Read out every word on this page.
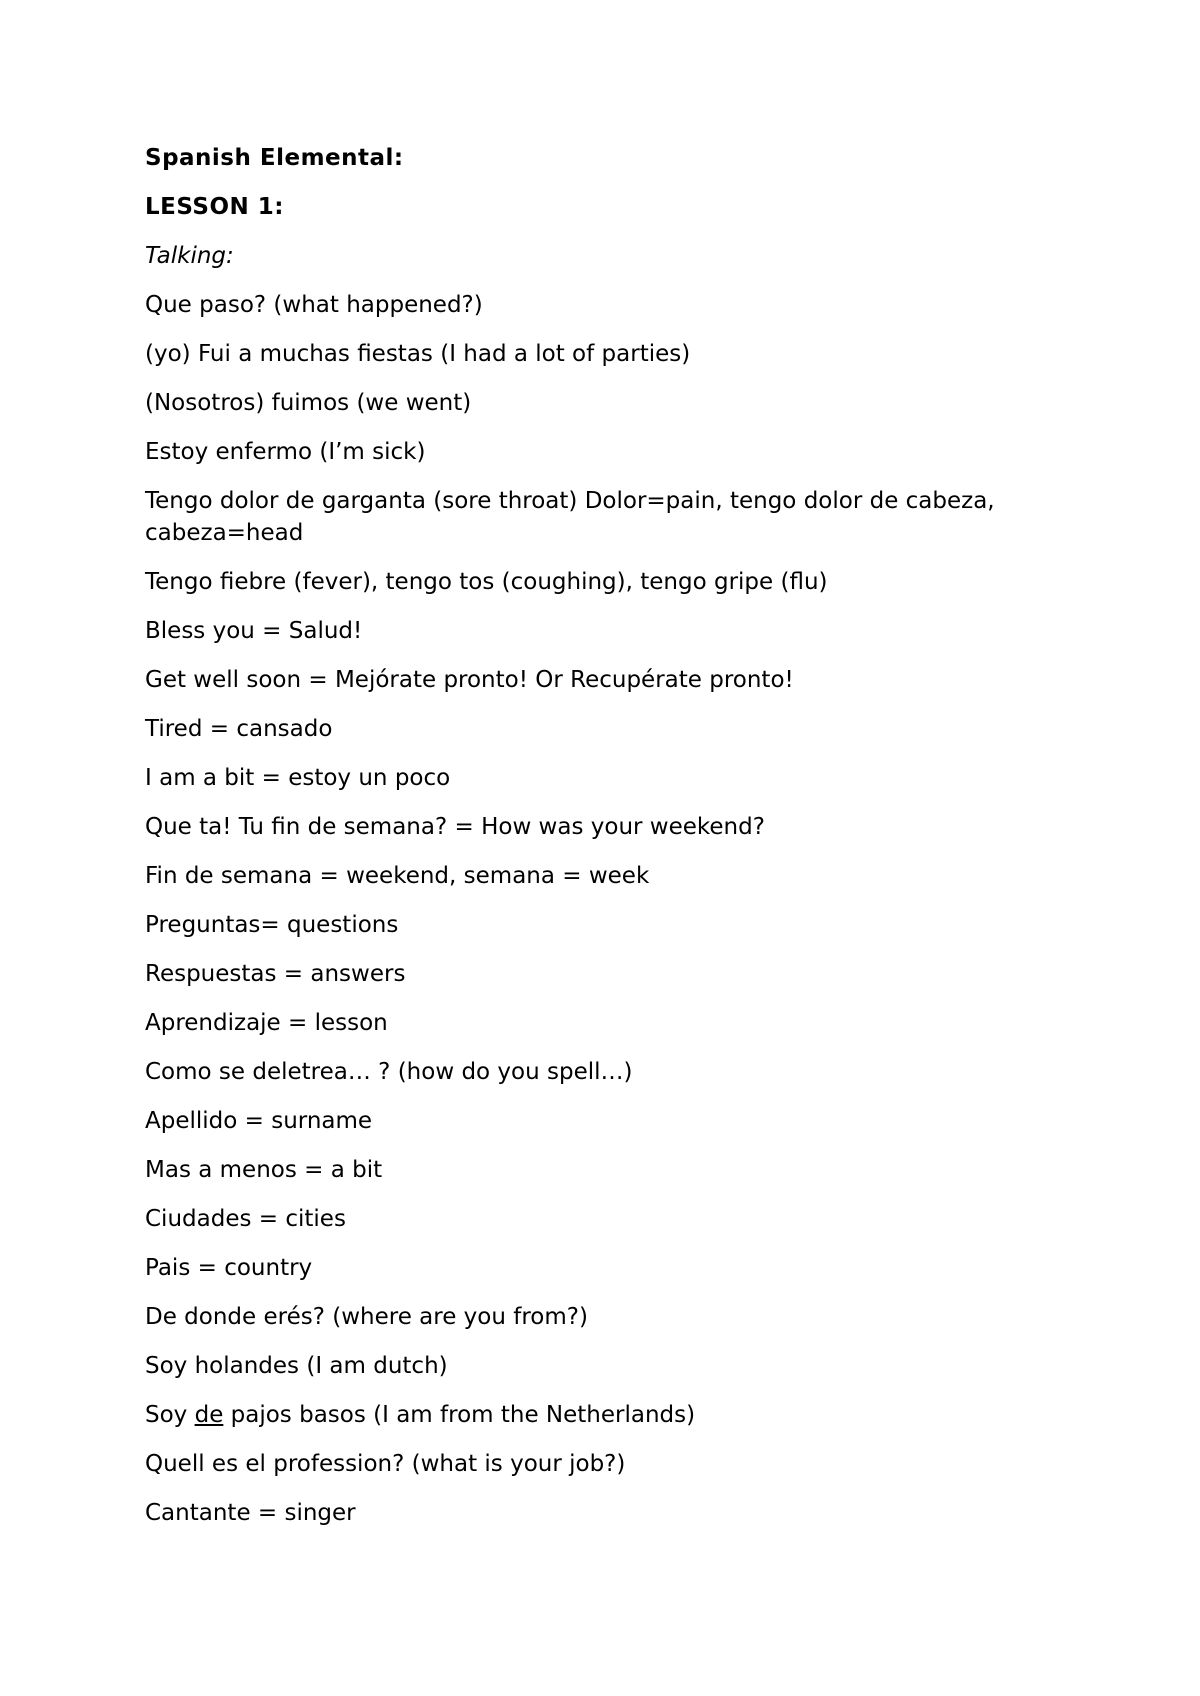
Spanish Elemental:
LESSON 1:
Talking:
Que paso? (what happened?)
(yo) Fui a muchas fiestas (I had a lot of parties)
(Nosotros) fuimos (we went)
Estoy enfermo (I’m sick)
Tengo dolor de garganta (sore throat) Dolor=pain, tengo dolor de cabeza, cabeza=head
Tengo fiebre (fever), tengo tos (coughing), tengo gripe (flu)
Bless you = Salud!
Get well soon = Mejórate pronto! Or Recupérate pronto!
Tired = cansado
I am a bit = estoy un poco
Que ta! Tu fin de semana? = How was your weekend?
Fin de semana = weekend, semana = week
Preguntas= questions
Respuestas = answers
Aprendizaje = lesson
Como se deletrea… ? (how do you spell…)
Apellido = surname
Mas a menos = a bit
Ciudades = cities
Pais = country
De donde erés? (where are you from?)
Soy holandes (I am dutch)
Soy de pajos basos (I am from the Netherlands)
Quell es el profession? (what is your job?)
Cantante = singer
